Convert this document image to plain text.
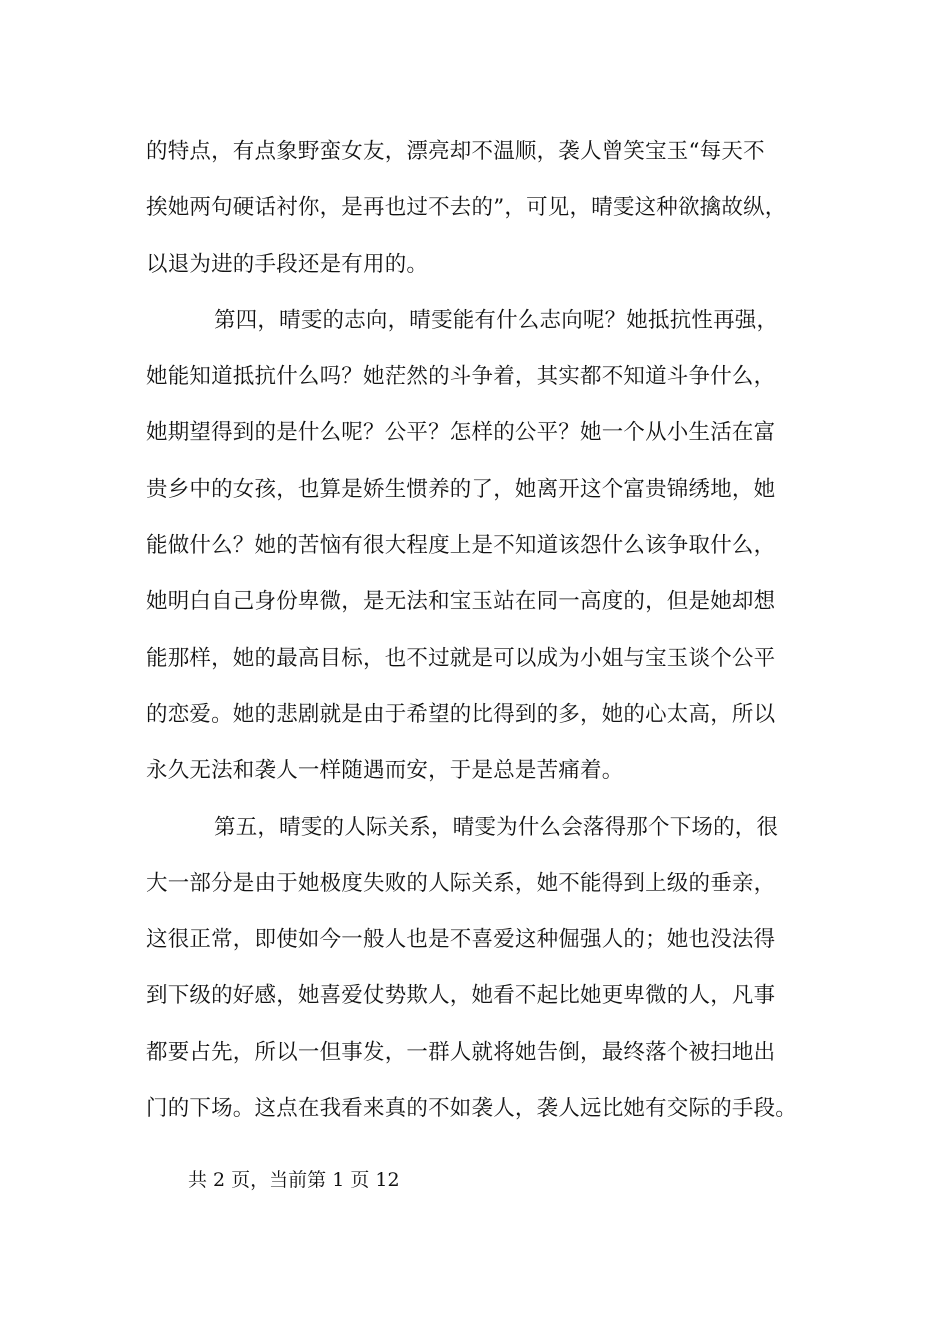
的特点，有点象野蛮女友，漂亮却不温顺，袭人曾笑宝玉“每天不
挨她两句硬话衬你，是再也过不去的”，可见，晴雯这种欲擒故纵，
以退为进的手段还是有用的。
第四，晴雯的志向，晴雯能有什么志向呢？她抵抗性再强，
她能知道抵抗什么吗？她茫然的斗争着，其实都不知道斗争什么，
她期望得到的是什么呢？公平？怎样的公平？她一个从小生活在富
贵乡中的女孩，也算是娇生惯养的了，她离开这个富贵锦绣地，她
能做什么？她的苦恼有很大程度上是不知道该怨什么该争取什么，
她明白自己身份卑微，是无法和宝玉站在同一高度的，但是她却想
能那样，她的最高目标，也不过就是可以成为小姐与宝玉谈个公平
的恋爱。她的悲剧就是由于希望的比得到的多，她的心太高，所以
永久无法和袭人一样随遇而安，于是总是苦痛着。
第五，晴雯的人际关系，晴雯为什么会落得那个下场的，很
大一部分是由于她极度失败的人际关系，她不能得到上级的垂亲，
这很正常，即使如今一般人也是不喜爱这种倔强人的；她也没法得
到下级的好感，她喜爱仗势欺人，她看不起比她更卑微的人，凡事
都要占先，所以一但事发，一群人就将她告倒，最终落个被扫地出
门的下场。这点在我看来真的不如袭人，袭人远比她有交际的手段。
共 2 页，当前第 1 页 12
